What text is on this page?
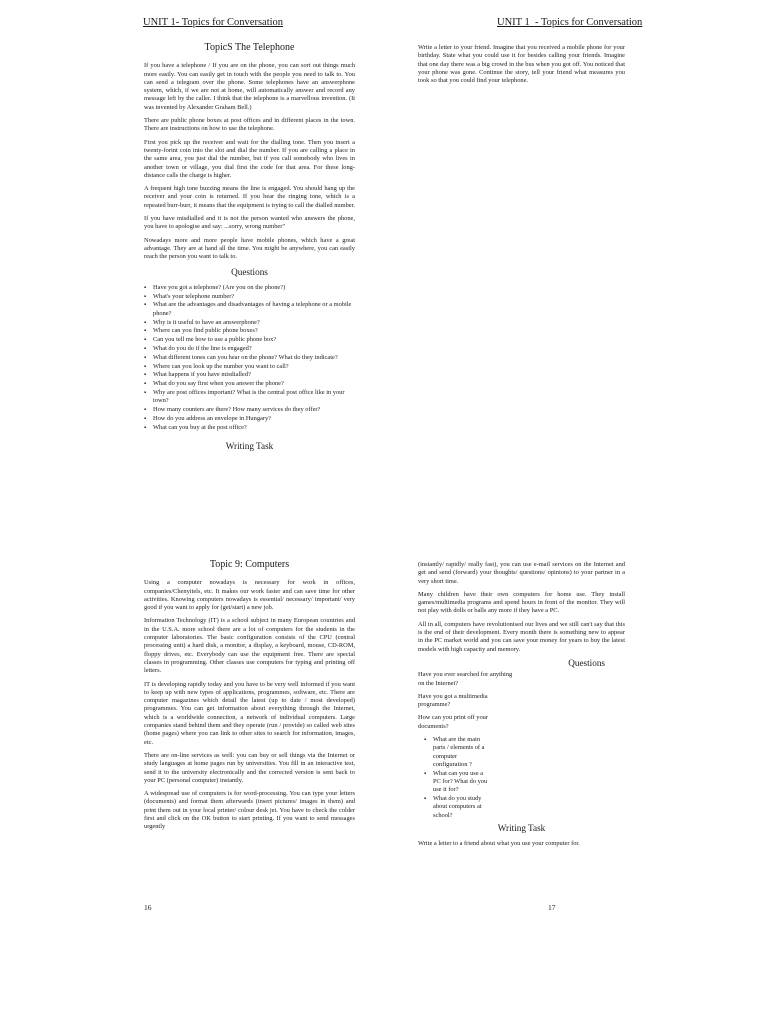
UNIT 1- Topics for Conversation	UNIT 1_- Topics for Conversation
TopicS The Telephone

If you have a telephone / If you are on the phone, you can sort out things much more easily. You can easily get in touch with the people you need to talk to. You can send a telegram over the phone. Some telephones have an answerphone system, which, if we are not at home, will automatically answer and record any message left by the caller. I think that the telephone is a marvellous invention. (It was invented by Alexander Graham Bell.)

There are public phone boxes at post offices and in different places in the town. There are instructions on how to use the telephone.

First you pick up the receiver and wait for the dialling tone. Then you insert a twenty-forint coin into the slot and dial the number. If you are calling a place in the same area, you just dial the number, but if you call somebody who lives in another town or village, you dial first the code for that area. For these long-distance calls the charge is higher.

A frequent high tone buzzing means the line is engaged. You should hang up the receiver and your coin is returned. If you hear the ringing tone, which is a repeated burr-burr, it means that the equipment is trying to call the dialled number.

If you have misdialled and it is not the person wanted who answers the phone, you have to apologise and say: ...sorry, wrong number"

Nowadays more and more people have mobile phones, which have a great advantage. They are at hand all the time. You might be anywhere, you can easily reach the person you want to talk to.

Questions
▪ Have you got a telephone? (Are you on the phone?)
▪ What's your telephone number?
▪ What are the advantages and disadvantages of having a telephone or a mobile phone?
▪ Why is it useful to have an answerphone?
▪ Where can you find public phone boxes?
▪ Can you tell me how to use a public phone box?
▪ What do you do if the line is engaged?
▪ What different tones can you hear on the phone? What do they indicate?
▪ Where can you look up the number you want to call?
▪ What happens if you have misdialled?
▪ What do you say first when you answer the phone?
▪ Why are post offices important? What is the central post office like in your town?
▪ How many counters are there? How many services do they offer?
▪ How do you address an envelope in Hungary?
▪ What can you buy at the post office?
Writing Task

Write a letter to your friend. Imagine that you received a mobile phone for your birthday. State what you could use it for besides calling your friends. Imagine that one day there was a big crowd in the bus when you got off. You noticed that your phone was gone. Continue the story, tell your friend what measures you took so that you could find your telephone.

Topic 9: Computers

Using a computer nowadays is necessary for work in offices, companies/Chenyitels, etc. It makes our work faster and can save time for other activities. Knowing computers nowadays is essential/ necessary/ important/ very good if you want to apply for (get/start) a new job.

Information Technology (IT) is a school subject in many European countries and in the U.S.A. more school there are a lot of computers for the students in the computer laboratories. The basic configuration consists of the CPU (central processing unit) a hard disk, a monitor, a display, a keyboard, mouse, CD-ROM, floppy drives, etc. Everybody can use the equipment free. There are special classes in programming. Other classes use computers for typing and printing off letters.

IT is developing rapidly today and you have to be very well informed if you want to keep up with new types of applications, programmes, software, etc. There are computer magazines which detail the latest (up to date / most developed) programmes. You can get information about everything through the Internet, which is a worldwide connection, a network of individual computers. Large companies stand behind them and they operate (run / provide) so called web sites (home pages) where you can link to other sites to search for information, images, etc.

There are on-line services as well: you can buy or sell things via the Internet or study languages at home pages run by universities. You fill in an interactive test, send it to the university electronically and the corrected version is sent back to your PC (personal computer) instantly.

A widespread use of computers is for word-processing. You can type your letters (documents) and format them afterwards (insert pictures/ images in them) and print them out in your local printer/ colour desk jet. You have to check the colder first and click on the OK button to start printing. If you want to send messages urgently

(instantly/ rapidly/ really fast), you can use e-mail services on the Internet and get and send (forward) your thoughts/ questions/ opinions) to your partner in a very short time.

Many children have their own computers for home use. They install games/multimedia programs and spend hours in front of the monitor. They will not play with dolls or balls any more if they have a PC.

All in all, computers have revolutionised our lives and we still can't say that this is the end of their development. Every month there is something new to appear in the PC market world and you can save your money for years to buy the latest models with high capacity and memory.

Questions

Have you ever searched for anything on the Internet?

Have you got a multimedia programme?

How can you print off your documents?

▪ What are the main parts / elements of a computer configuration ?
▪ What can you use a PC for? What do you use it for?
▪ What do you study about computers at school?
Writing Task

Write a letter to a friend about what you use your computer for.

16	17
